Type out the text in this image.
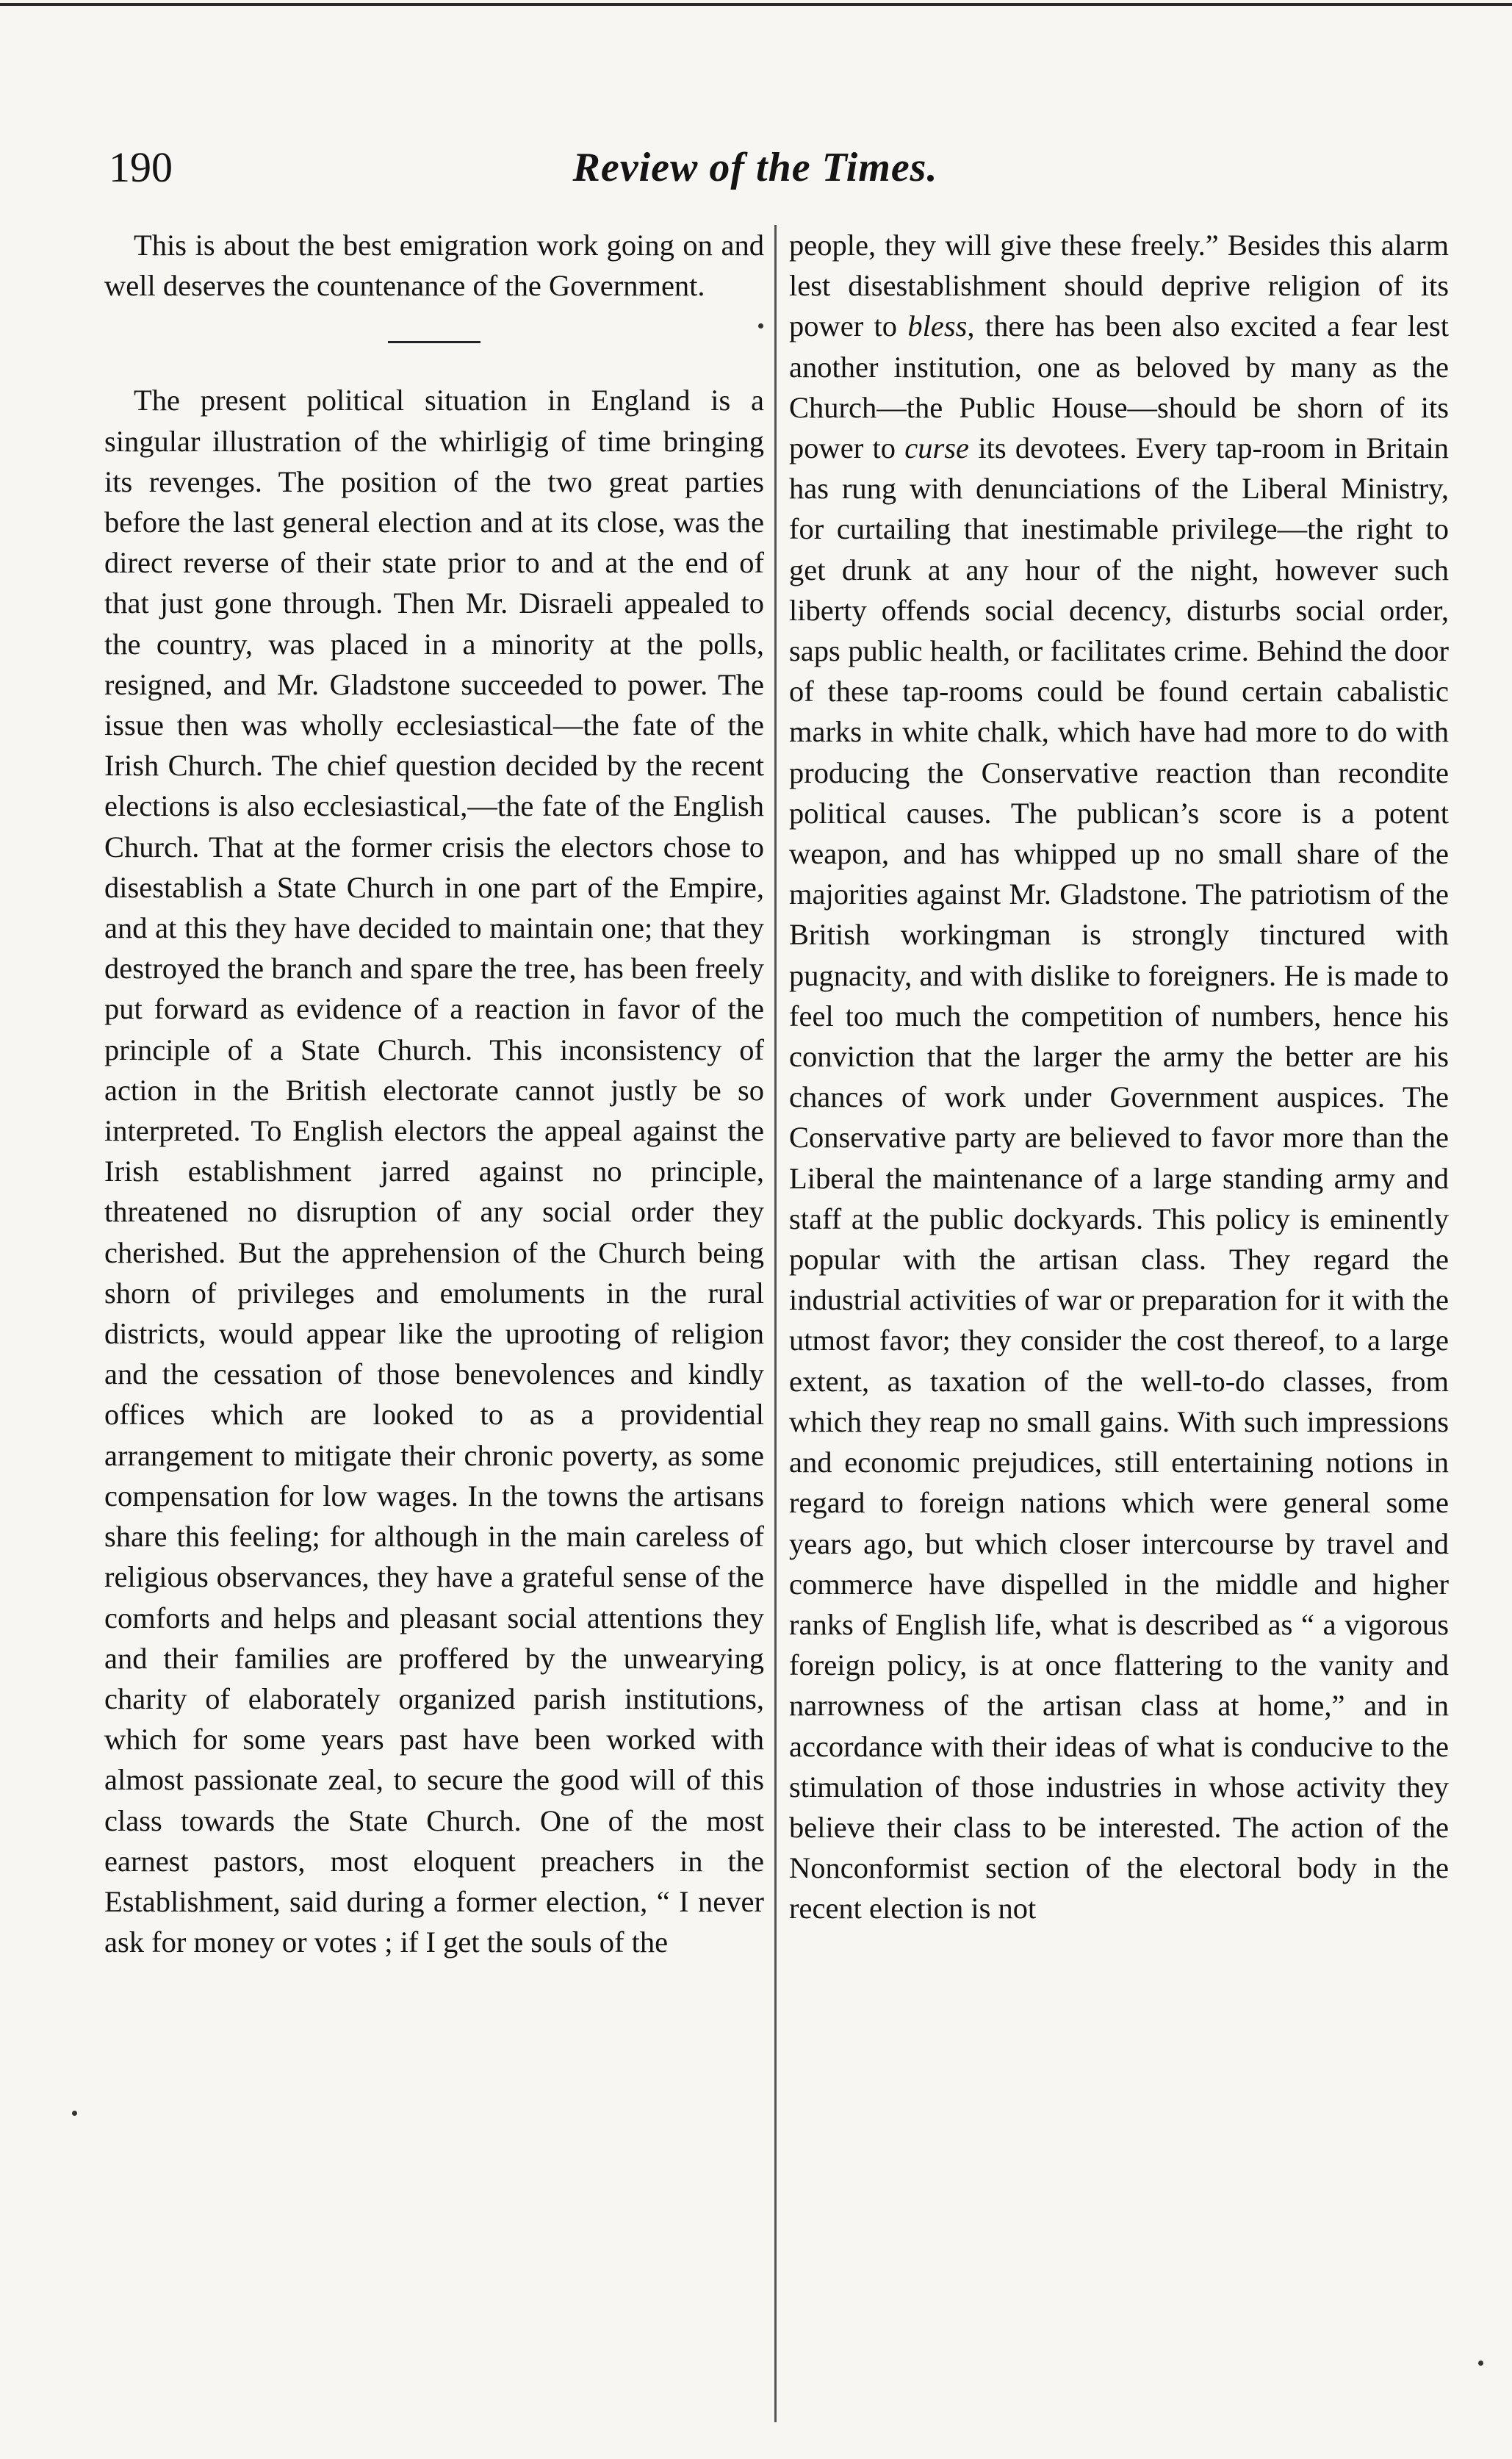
190	Review of the Times.

This is about the best emigration work going on and well deserves the countenance of the Government.

The present political situation in England is a singular illustration of the whirligig of time bringing its revenges. The position of the two great parties before the last general election and at its close, was the direct reverse of their state prior to and at the end of that just gone through. Then Mr. Disraeli appealed to the country, was placed in a minority at the polls, resigned, and Mr. Gladstone succeeded to power. The issue then was wholly ecclesiastical—the fate of the Irish Church. The chief question decided by the recent elections is also ecclesiastical,—the fate of the English Church. That at the former crisis the electors chose to disestablish a State Church in one part of the Empire, and at this they have decided to maintain one; that they destroyed the branch and spare the tree, has been freely put forward as evidence of a reaction in favor of the principle of a State Church. This inconsistency of action in the British electorate cannot justly be so interpreted. To English electors the appeal against the Irish establishment jarred against no principle, threatened no disruption of any social order they cherished. But the apprehension of the Church being shorn of privileges and emoluments in the rural districts, would appear like the uprooting of religion and the cessation of those benevolences and kindly offices which are looked to as a providential arrangement to mitigate their chronic poverty, as some compensation for low wages. In the towns the artisans share this feeling; for although in the main careless of religious observances, they have a grateful sense of the comforts and helps and pleasant social attentions they and their families are proffered by the unwearying charity of elaborately organized parish institutions, which for some years past have been worked with almost passionate zeal, to secure the good will of this class towards the State Church. One of the most earnest pastors, most eloquent preachers in the Establishment, said during a former election, “ I never ask for money or votes ; if I get the souls of the

people, they will give these freely.” Besides this alarm lest disestablishment should deprive religion of its power to bless, there has been also excited a fear lest another institution, one as beloved by many as the Church—the Public House—should be shorn of its power to curse its devotees. Every tap-room in Britain has rung with denunciations of the Liberal Ministry, for curtailing that inestimable privilege—the right to get drunk at any hour of the night, however such liberty offends social decency, disturbs social order, saps public health, or facilitates crime. Behind the door of these tap-rooms could be found certain cabalistic marks in white chalk, which have had more to do with producing the Conservative reaction than recondite political causes. The publican’s score is a potent weapon, and has whipped up no small share of the majorities against Mr. Gladstone. The patriotism of the British workingman is strongly tinctured with pugnacity, and with dislike to foreigners. He is made to feel too much the competition of numbers, hence his conviction that the larger the army the better are his chances of work under Government auspices. The Conservative party are believed to favor more than the Liberal the maintenance of a large standing army and staff at the public dockyards. This policy is eminently popular with the artisan class. They regard the industrial activities of war or preparation for it with the utmost favor; they consider the cost thereof, to a large extent, as taxation of the well-to-do classes, from which they reap no small gains. With such impressions and economic prejudices, still entertaining notions in regard to foreign nations which were general some years ago, but which closer intercourse by travel and commerce have dispelled in the middle and higher ranks of English life, what is described as “ a vigorous foreign policy, is at once flattering to the vanity and narrowness of the artisan class at home,” and in accordance with their ideas of what is conducive to the stimulation of those industries in whose activity they believe their class to be interested. The action of the Nonconformist section of the electoral body in the recent election is not
